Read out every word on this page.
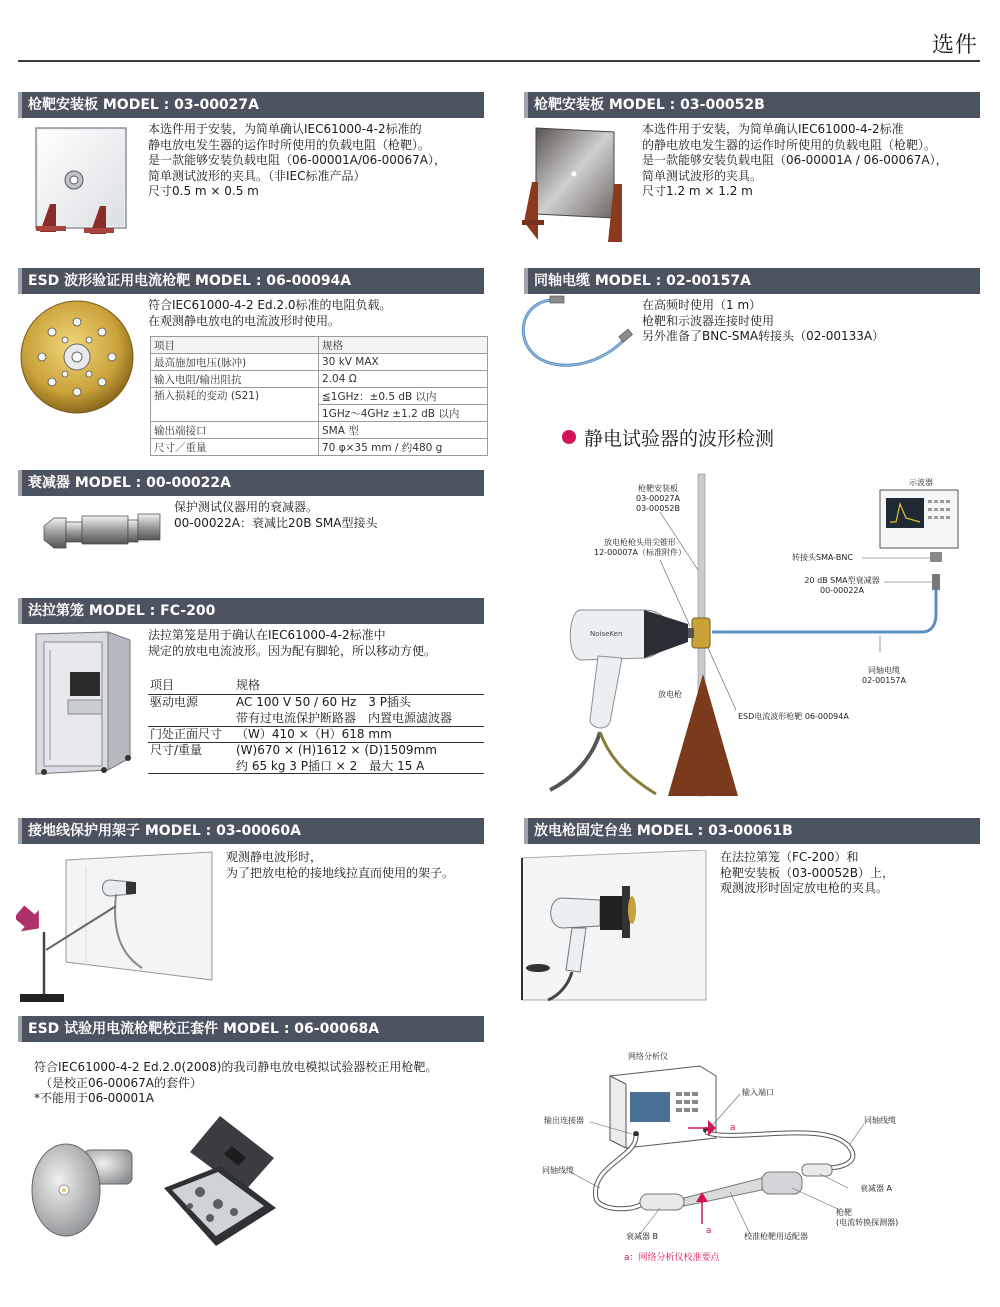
选件
枪靶安装板 MODEL : 03-00027A
本选件用于安装，为简单确认IEC61000-4-2标准的
静电放电发生器的运作时所使用的负载电阻（枪靶）。
是一款能够安装负载电阻（06-00001A/06-00067A），
简单测试波形的夹具。（非IEC标准产品）
尺寸0.5 m × 0.5 m
枪靶安装板 MODEL : 03-00052B
本选件用于安装，为简单确认IEC61000-4-2标准
的静电放电发生器的运作时所使用的负载电阻（枪靶）。
是一款能够安装负载电阻（06-00001A / 06-00067A），
简单测试波形的夹具。
尺寸1.2 m × 1.2 m
ESD 波形验证用电流枪靶 MODEL : 06-00094A
符合IEC61000-4-2 Ed.2.0标准的电阻负载。
在观测静电放电的电流波形时使用。
项目	规格
最高施加电压(脉冲)	30 kV MAX
输入电阻/输出阻抗	2.04 Ω
插入损耗的变动 (S21)	≦1GHz：±0.5 dB 以内
	1GHz～4GHz ±1.2 dB 以内
输出端接口	SMA 型
尺寸／重量	70 φ×35 mm / 约480 g
同轴电缆 MODEL : 02-00157A
在高频时使用（1 m）
枪靶和示波器连接时使用
另外准备了BNC-SMA转接头（02-00133A）
衰减器 MODEL : 00-00022A
保护测试仪器用的衰减器。
00-00022A：衰减比20B SMA型接头
法拉第笼 MODEL : FC-200
法拉第笼是用于确认在IEC61000-4-2标准中
规定的放电电流波形。因为配有脚轮，所以移动方便。
项目	规格
驱动电源	AC 100 V 50 / 60 Hz　3 P插头
带有过电流保护断路器　内置电源滤波器
门处正面尺寸 （W）410 ×（H）618 mm
尺寸/重量	(W)670 × (H)1612 × (D)1509mm
约 65 kg 3 P插口 × 2　最大 15 A
静电试验器的波形检测
NoiseKen
枪靶安装板
03-00027A
03-00052B
放电枪枪头用尖锥形
12-00007A（标准附件）
示波器
转接头SMA-BNC
20 dB SMA型衰减器
00-00022A
同轴电缆
02-00157A
放电枪
ESD电流波形枪靶 06-00094A
接地线保护用架子 MODEL : 03-00060A
观测静电波形时，
为了把放电枪的接地线拉直而使用的架子。
放电枪固定台坐 MODEL : 03-00061B
在法拉第笼（FC-200）和
枪靶安装板（03-00052B）上，
观测波形时固定放电枪的夹具。
ESD 试验用电流枪靶校正套件 MODEL : 06-00068A
符合IEC61000-4-2 Ed.2.0(2008)的我司静电放电模拟试验器校正用枪靶。
　（是校正06-00067A的套件）
*不能用于06-00001A
网络分析仪
输入端口
输出连接器	同轴线缆
a
同轴线缆
衰减器 A
枪靶
(电流转换探测器)
衰减器 B
a
校准枪靶用适配器
a：网络分析仪校准要点
